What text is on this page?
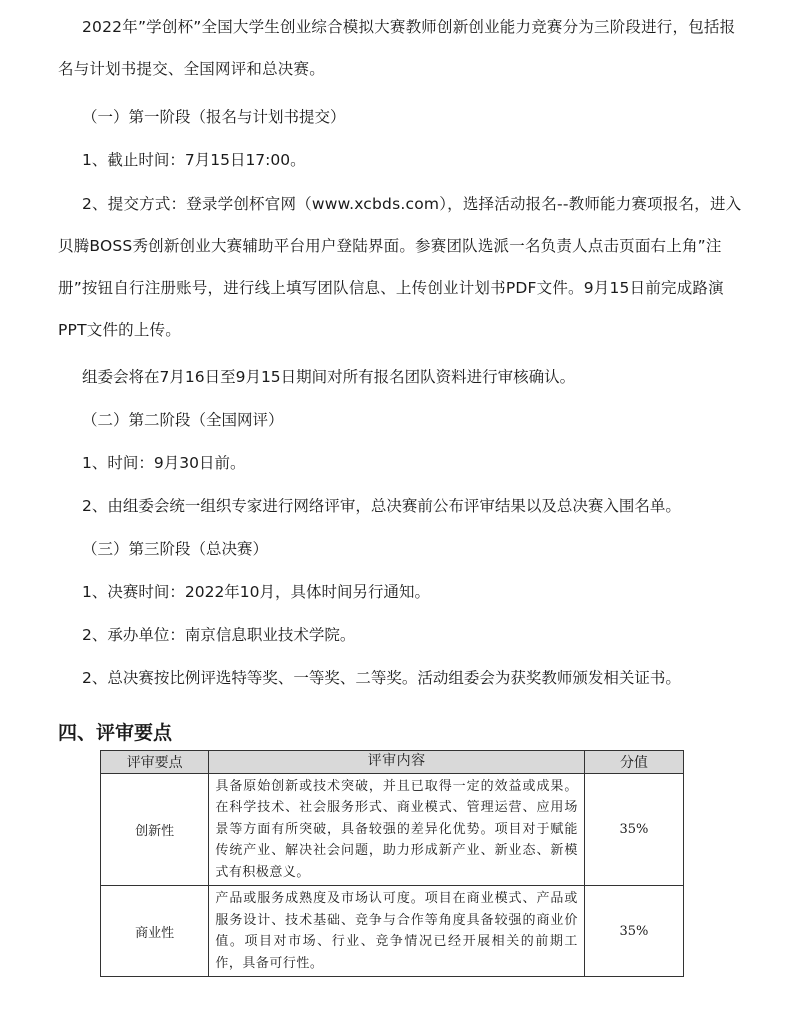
2022年”学创杯”全国大学生创业综合模拟大赛教师创新创业能力竞赛分为三阶段进行，包括报名与计划书提交、全国网评和总决赛。

（一）第一阶段（报名与计划书提交）

1、截止时间：7月15日17:00。

2、提交方式：登录学创杯官网（www.xcbds.com），选择活动报名--教师能力赛项报名，进入贝腾BOSS秀创新创业大赛辅助平台用户登陆界面。参赛团队选派一名负责人点击页面右上角”注册”按钮自行注册账号，进行线上填写团队信息、上传创业计划书PDF文件。9月15日前完成路演PPT文件的上传。

组委会将在7月16日至9月15日期间对所有报名团队资料进行审核确认。

（二）第二阶段（全国网评）

1、时间：9月30日前。

2、由组委会统一组织专家进行网络评审，总决赛前公布评审结果以及总决赛入围名单。

（三）第三阶段（总决赛）

1、决赛时间：2022年10月，具体时间另行通知。

2、承办单位：南京信息职业技术学院。

2、总决赛按比例评选特等奖、一等奖、二等奖。活动组委会为获奖教师颁发相关证书。

四、评审要点
评审要点	评审内容	分值
创新性	具备原始创新或技术突破，并且已取得一定的效益或成果。在科学技术、社会服务形式、商业模式、管理运营、应用场景等方面有所突破，具备较强的差异化优势。项目对于赋能传统产业、解决社会问题，助力形成新产业、新业态、新模式有积极意义。	35%
商业性	产品或服务成熟度及市场认可度。项目在商业模式、产品或服务设计、技术基础、竞争与合作等角度具备较强的商业价值。项目对市场、行业、竞争情况已经开展相关的前期工作，具备可行性。	35%
